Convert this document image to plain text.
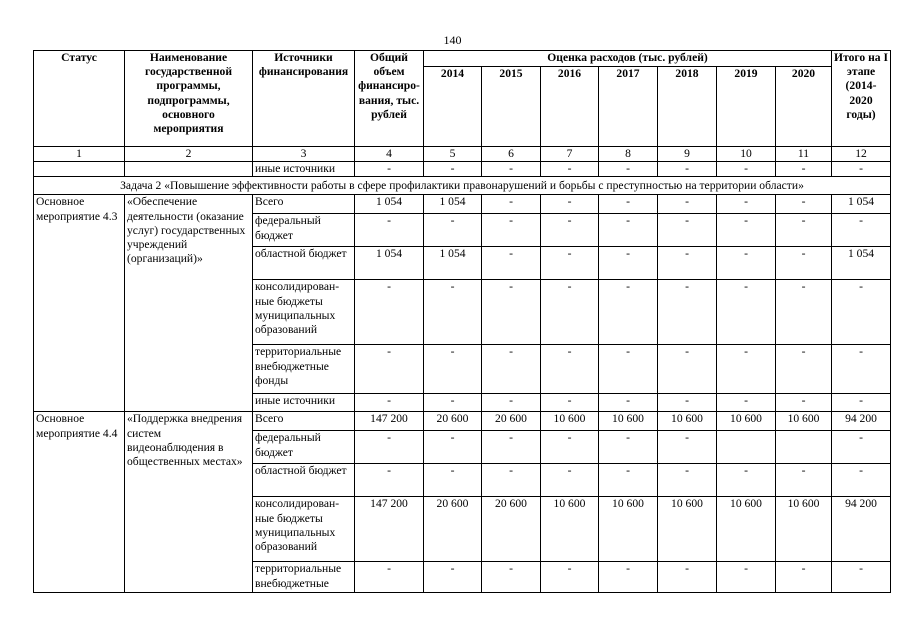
140
Статус	Наименование государственной программы, подпрограммы, основного мероприятия	Источники финансирования	Общий объем финансирования, тыс. рублей	Оценка расходов (тыс. рублей)							Итого на I этапе (2014-2020 годы)
				2014	2015	2016	2017	2018	2019	2020	
1	2	3	4	5	6	7	8	9	10	11	12
		иные источники	-	-	-	-	-	-	-	-	-
Задача 2 «Повышение эффективности работы в сфере профилактики правонарушений и борьбы с преступностью на территории области»											
Основное мероприятие 4.3	«Обеспечение деятельности (оказание услуг) государственных учреждений (организаций)»	Всего	1 054	1 054	-	-	-	-	-	-	1 054
		федеральный бюджет	-	-	-	-	-	-	-	-	-
		областной бюджет	1 054	1 054	-	-	-	-	-	-	1 054
		консолидированные бюджеты муниципальных образований	-	-	-	-	-	-	-	-	-
		территориальные внебюджетные фонды	-	-	-	-	-	-	-	-	-
		иные источники	-	-	-	-	-	-	-	-	-
Основное мероприятие 4.4	«Поддержка внедрения систем видеонаблюдения в общественных местах»	Всего	147 200	20 600	20 600	10 600	10 600	10 600	10 600	10 600	94 200
		федеральный бюджет	-	-	-	-	-	-			-
		областной бюджет	-	-	-	-	-	-	-	-	-
		консолидированные бюджеты муниципальных образований	147 200	20 600	20 600	10 600	10 600	10 600	10 600	10 600	94 200
		территориальные внебюджетные	-	-	-	-	-	-	-	-	-
